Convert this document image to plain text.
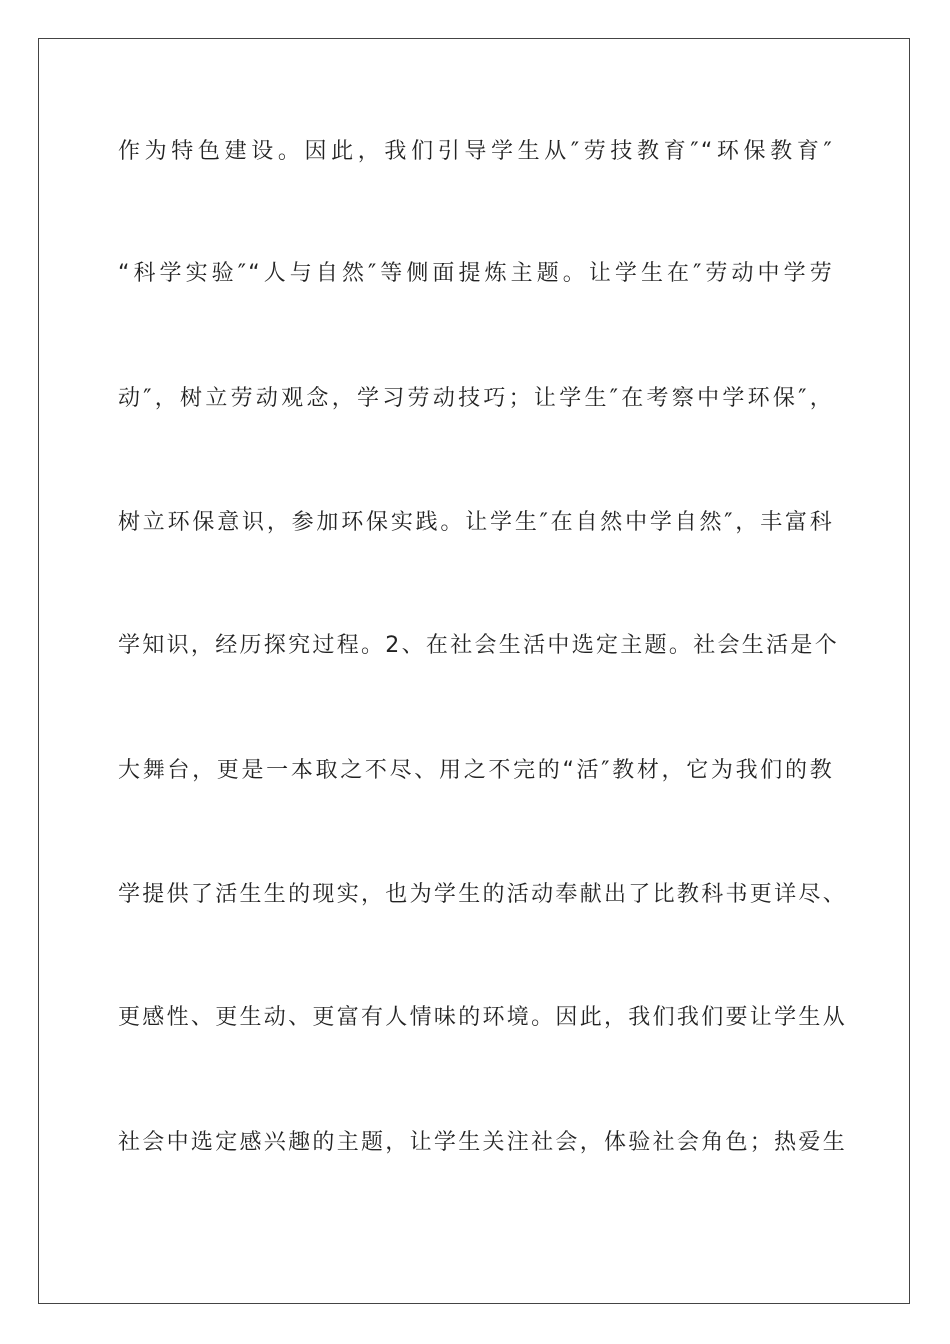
作为特色建设。因此，我们引导学生从″劳技教育″“环保教育″
“科学实验″“人与自然″等侧面提炼主题。让学生在″劳动中学劳
动″，树立劳动观念，学习劳动技巧；让学生″在考察中学环保″，
树立环保意识，参加环保实践。让学生″在自然中学自然″，丰富科
学知识，经历探究过程。2、在社会生活中选定主题。社会生活是个
大舞台，更是一本取之不尽、用之不完的“活″教材，它为我们的教
学提供了活生生的现实，也为学生的活动奉献出了比教科书更详尽、
更感性、更生动、更富有人情味的环境。因此，我们我们要让学生从
社会中选定感兴趣的主题，让学生关注社会，体验社会角色；热爱生
